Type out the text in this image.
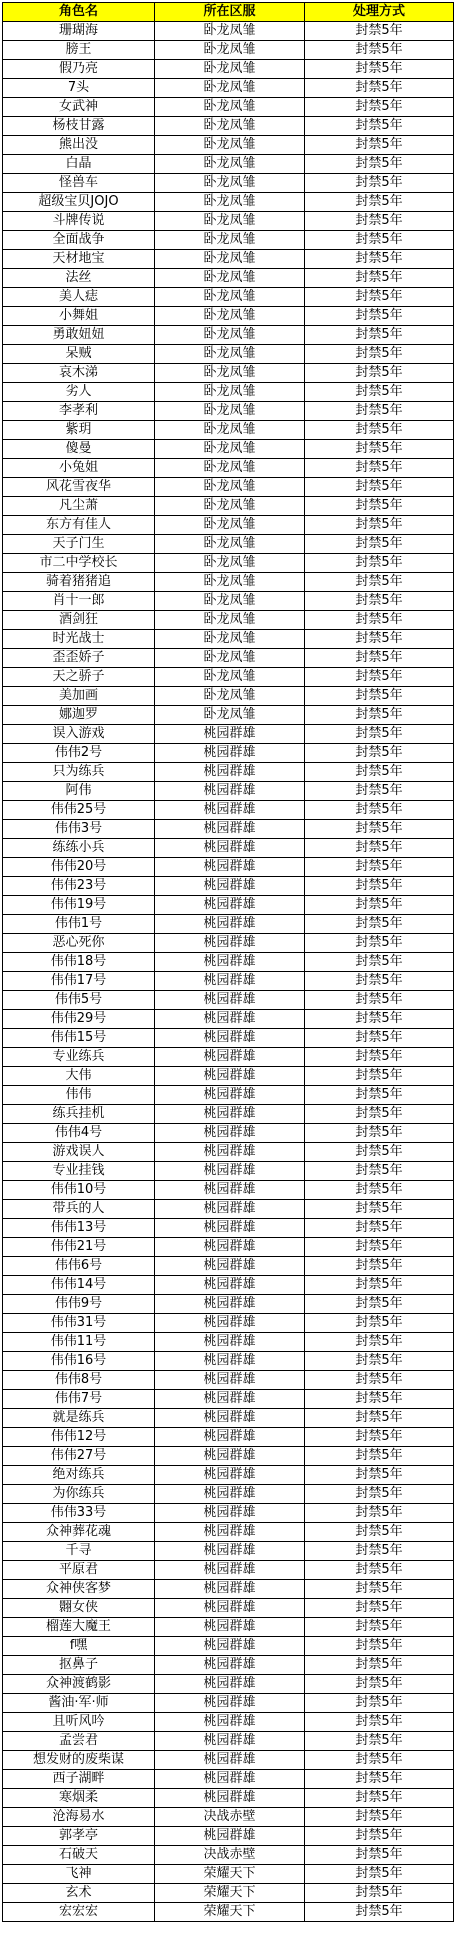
角色名	所在区服	处理方式
珊瑚海	卧龙凤雏	封禁5年
膀王	卧龙凤雏	封禁5年
假乃亮	卧龙凤雏	封禁5年
7头	卧龙凤雏	封禁5年
女武神	卧龙凤雏	封禁5年
杨枝甘露	卧龙凤雏	封禁5年
熊出没	卧龙凤雏	封禁5年
白晶	卧龙凤雏	封禁5年
怪兽车	卧龙凤雏	封禁5年
超级宝贝JOJO	卧龙凤雏	封禁5年
斗牌传说	卧龙凤雏	封禁5年
全面战争	卧龙凤雏	封禁5年
天材地宝	卧龙凤雏	封禁5年
法丝	卧龙凤雏	封禁5年
美人痣	卧龙凤雏	封禁5年
小舞姐	卧龙凤雏	封禁5年
勇敢妞妞	卧龙凤雏	封禁5年
呆贼	卧龙凤雏	封禁5年
哀木涕	卧龙凤雏	封禁5年
劣人	卧龙凤雏	封禁5年
李孝利	卧龙凤雏	封禁5年
紫玥	卧龙凤雏	封禁5年
傻曼	卧龙凤雏	封禁5年
小兔姐	卧龙凤雏	封禁5年
风花雪夜华	卧龙凤雏	封禁5年
凡尘萧	卧龙凤雏	封禁5年
东方有佳人	卧龙凤雏	封禁5年
天子门生	卧龙凤雏	封禁5年
市二中学校长	卧龙凤雏	封禁5年
骑着猪猪追	卧龙凤雏	封禁5年
肖十一郎	卧龙凤雏	封禁5年
酒剑狂	卧龙凤雏	封禁5年
时光战士	卧龙凤雏	封禁5年
歪歪娇子	卧龙凤雏	封禁5年
天之骄子	卧龙凤雏	封禁5年
美加画	卧龙凤雏	封禁5年
娜迦罗	卧龙凤雏	封禁5年
误入游戏	桃园群雄	封禁5年
伟伟2号	桃园群雄	封禁5年
只为练兵	桃园群雄	封禁5年
阿伟	桃园群雄	封禁5年
伟伟25号	桃园群雄	封禁5年
伟伟3号	桃园群雄	封禁5年
练练小兵	桃园群雄	封禁5年
伟伟20号	桃园群雄	封禁5年
伟伟23号	桃园群雄	封禁5年
伟伟19号	桃园群雄	封禁5年
伟伟1号	桃园群雄	封禁5年
恶心死你	桃园群雄	封禁5年
伟伟18号	桃园群雄	封禁5年
伟伟17号	桃园群雄	封禁5年
伟伟5号	桃园群雄	封禁5年
伟伟29号	桃园群雄	封禁5年
伟伟15号	桃园群雄	封禁5年
专业练兵	桃园群雄	封禁5年
大伟	桃园群雄	封禁5年
伟伟	桃园群雄	封禁5年
练兵挂机	桃园群雄	封禁5年
伟伟4号	桃园群雄	封禁5年
游戏误人	桃园群雄	封禁5年
专业挂钱	桃园群雄	封禁5年
伟伟10号	桃园群雄	封禁5年
带兵的人	桃园群雄	封禁5年
伟伟13号	桃园群雄	封禁5年
伟伟21号	桃园群雄	封禁5年
伟伟6号	桃园群雄	封禁5年
伟伟14号	桃园群雄	封禁5年
伟伟9号	桃园群雄	封禁5年
伟伟31号	桃园群雄	封禁5年
伟伟11号	桃园群雄	封禁5年
伟伟16号	桃园群雄	封禁5年
伟伟8号	桃园群雄	封禁5年
伟伟7号	桃园群雄	封禁5年
就是练兵	桃园群雄	封禁5年
伟伟12号	桃园群雄	封禁5年
伟伟27号	桃园群雄	封禁5年
绝对练兵	桃园群雄	封禁5年
为你练兵	桃园群雄	封禁5年
伟伟33号	桃园群雄	封禁5年
众神葬花魂	桃园群雄	封禁5年
千寻	桃园群雄	封禁5年
平原君	桃园群雄	封禁5年
众神侠客梦	桃园群雄	封禁5年
翾女侠	桃园群雄	封禁5年
榴莲大魔王	桃园群雄	封禁5年
f嘿	桃园群雄	封禁5年
抠鼻子	桃园群雄	封禁5年
众神渡鹤影	桃园群雄	封禁5年
酱油·军·师	桃园群雄	封禁5年
且听风吟	桃园群雄	封禁5年
孟尝君	桃园群雄	封禁5年
想发财的废柴谋	桃园群雄	封禁5年
西子湖畔	桃园群雄	封禁5年
寒烟柔	桃园群雄	封禁5年
沧海易水	决战赤壁	封禁5年
郭孝亭	桃园群雄	封禁5年
石破天	决战赤壁	封禁5年
飞神	荣耀天下	封禁5年
玄术	荣耀天下	封禁5年
宏宏宏	荣耀天下	封禁5年
